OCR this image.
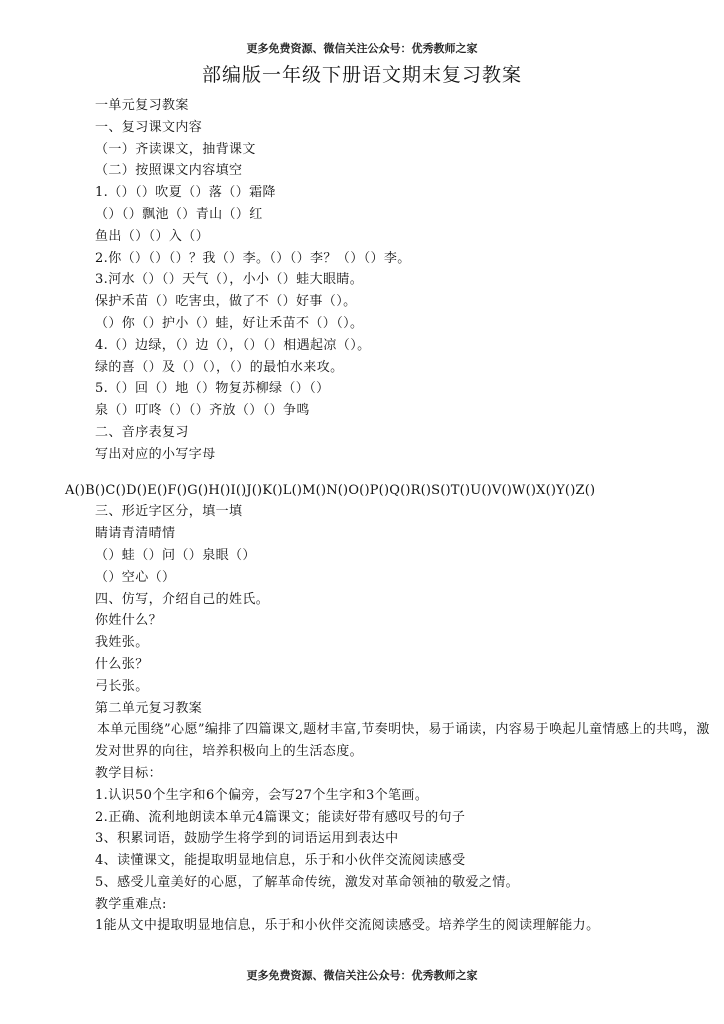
更多免费资源、微信关注公众号：优秀教师之家
部编版一年级下册语文期末复习教案
一单元复习教案
一、复习课文内容
（一）齐读课文，抽背课文
（二）按照课文内容填空
1.（）（）吹夏（）落（）霜降
（）（）飘池（）青山（）红
鱼出（）（）入（）
2.你（）（）（）？我（）李。（）（）李？（）（）李。
3.河水（）（）天气（），小小（）蛙大眼睛。
保护禾苗（）吃害虫，做了不（）好事（）。
（）你（）护小（）蛙，好让禾苗不（）（）。
4.（）边绿，（）边（），（）（）相遇起凉（）。
绿的喜（）及（）（），（）的最怕水来攻。
5.（）回（）地（）物复苏柳绿（）（）
泉（）叮咚（）（）齐放（）（）争鸣
二、音序表复习
写出对应的小写字母
A()B()C()D()E()F()G()H()I()J()K()L()M()N()O()P()Q()R()S()T()U()V()W()X()Y()Z()
三、形近字区分，填一填
睛请青清晴情
（）蛙（）问（）泉眼（）
（）空心（）
四、仿写，介绍自己的姓氏。
你姓什么？
我姓张。
什么张？
弓长张。
第二单元复习教案
本单元围绕”心愿”编排了四篇课文,题材丰富,节奏明快，易于诵读，内容易于唤起儿童情感上的共鸣，激发对世界的向往，培养积极向上的生活态度。
教学目标：
1.认识50个生字和6个偏旁，会写27个生字和3个笔画。
2.正确、流利地朗读本单元4篇课文；能读好带有感叹号的句子
3、积累词语，鼓励学生将学到的词语运用到表达中
4、读懂课文，能提取明显地信息，乐于和小伙伴交流阅读感受
5、感受儿童美好的心愿，了解革命传统，激发对革命领袖的敬爱之情。
教学重难点:
1能从文中提取明显地信息，乐于和小伙伴交流阅读感受。培养学生的阅读理解能力。
更多免费资源、微信关注公众号：优秀教师之家
